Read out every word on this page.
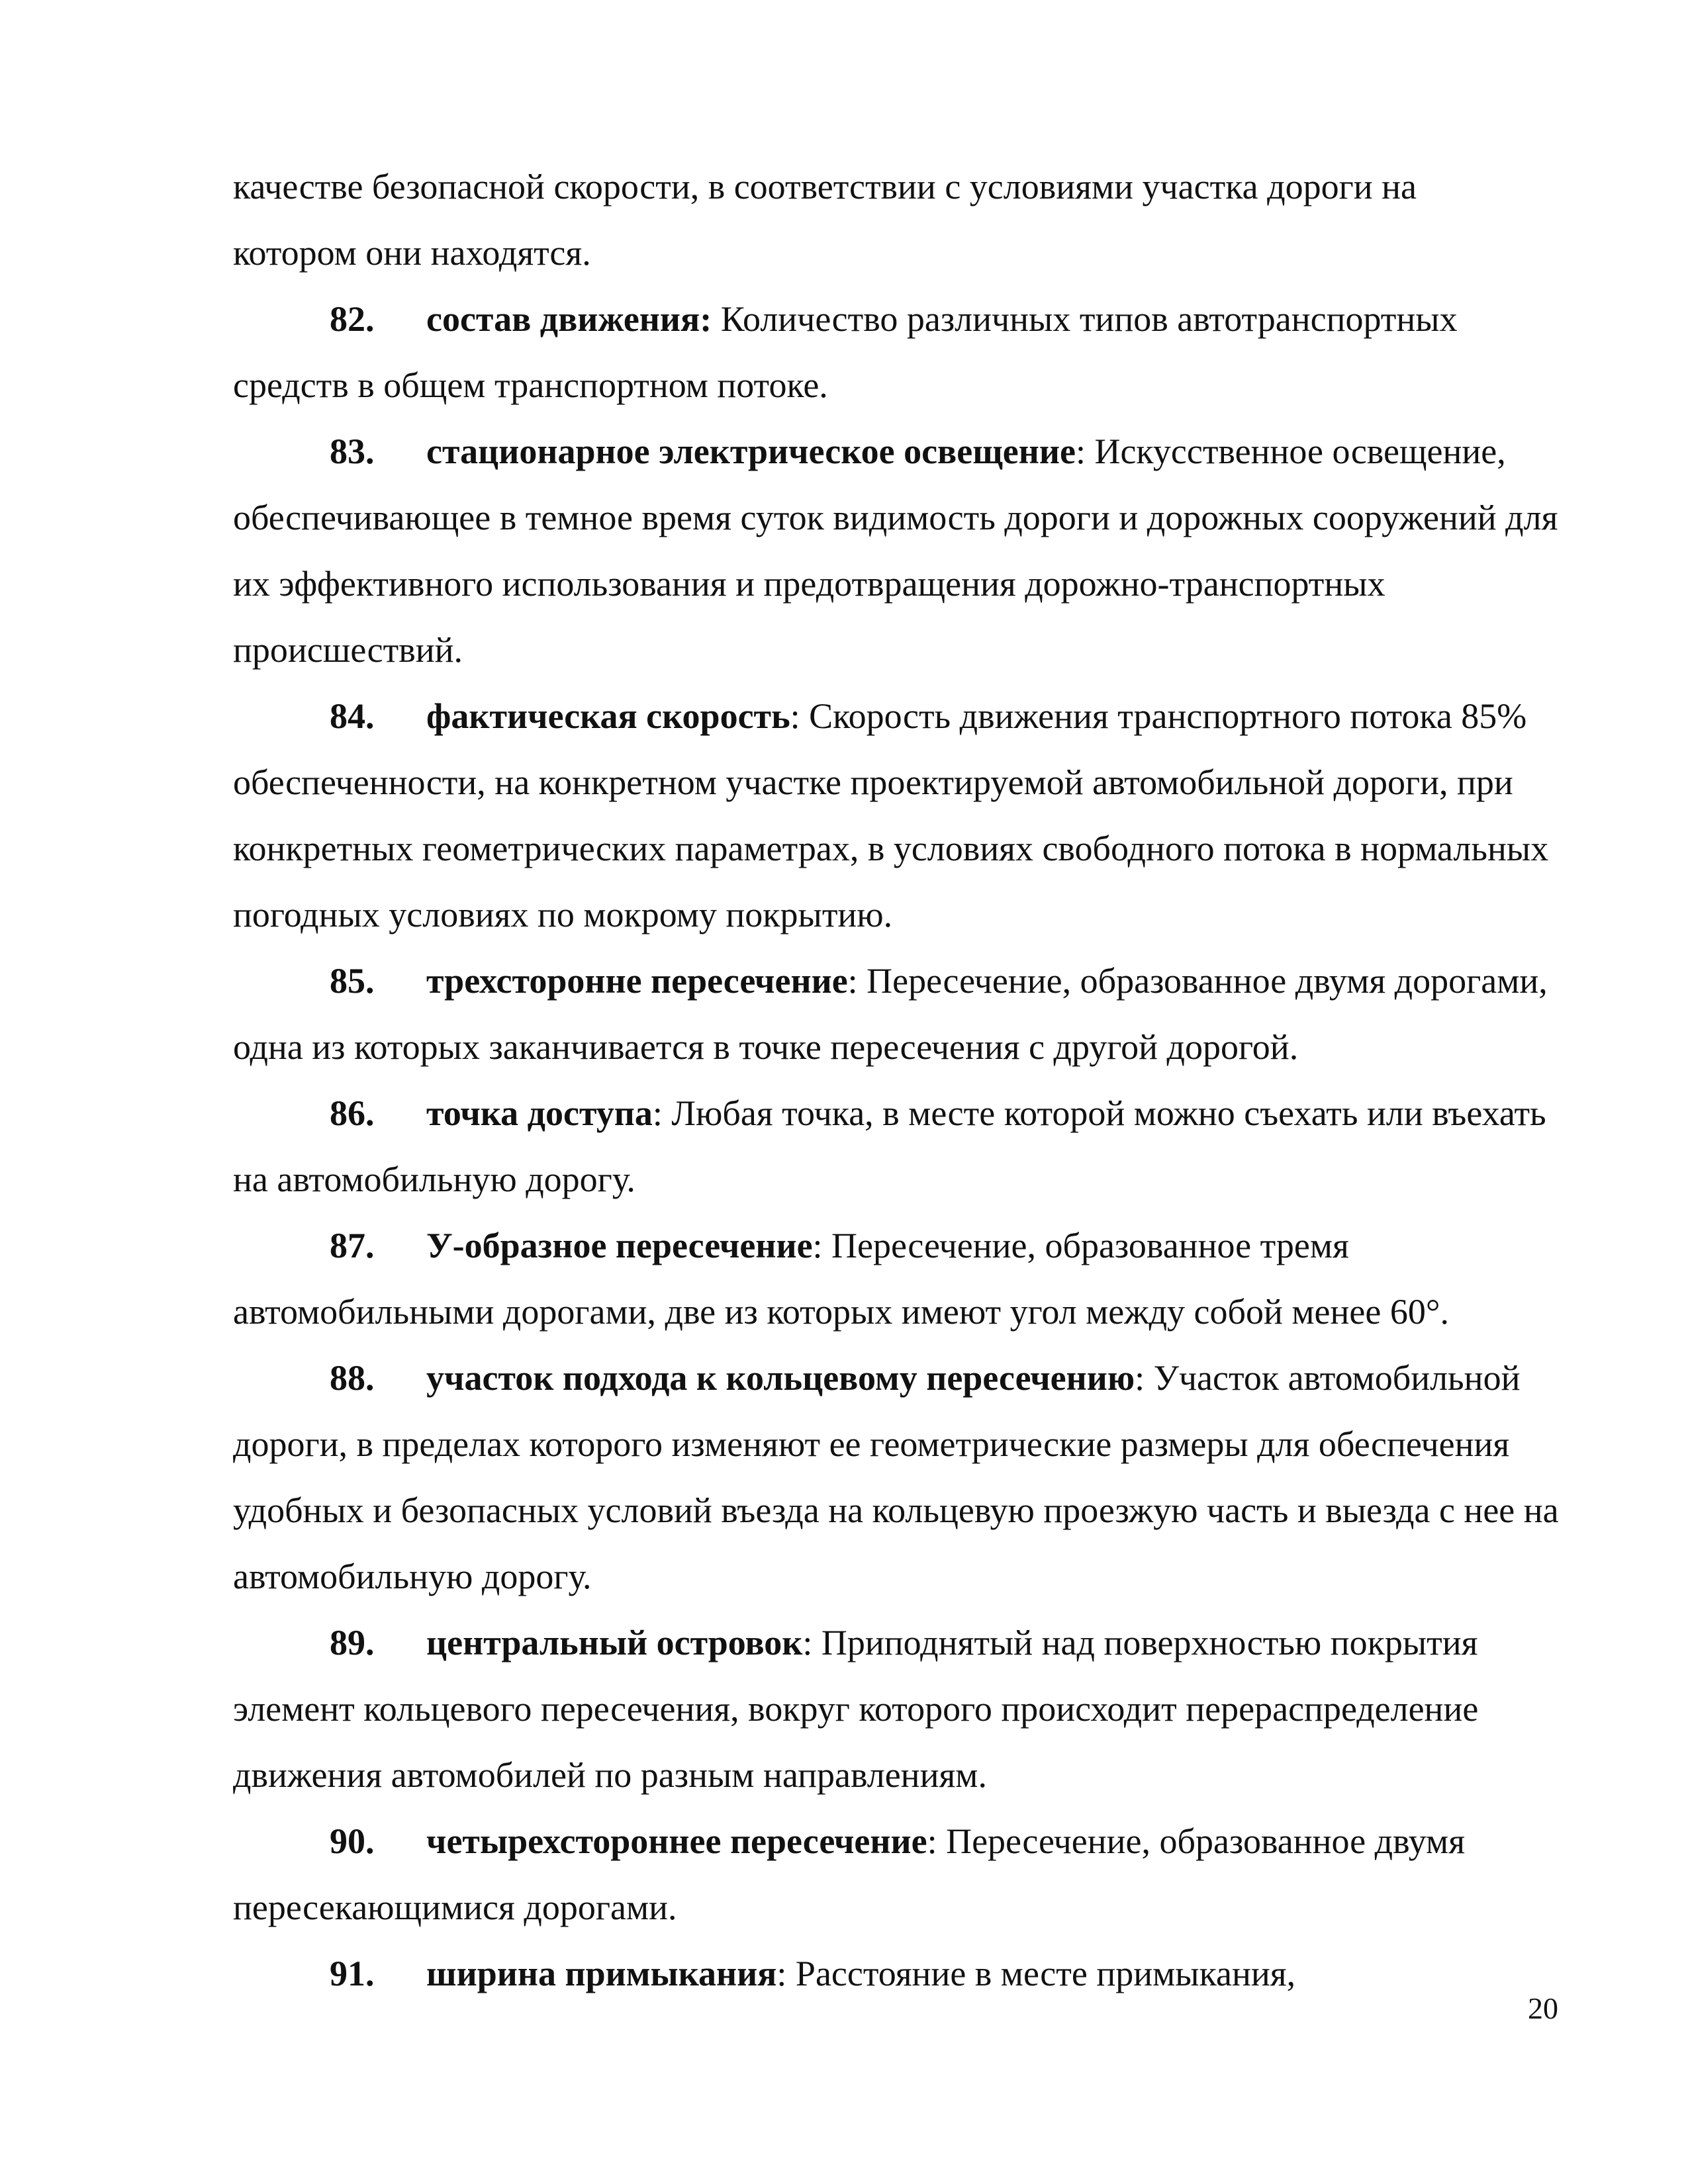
качестве безопасной скорости, в соответствии с условиями участка дороги на
котором они находятся.

82. состав движения: Количество различных типов автотранспортных средств в общем транспортном потоке.

83. стационарное электрическое освещение: Искусственное освещение, обеспечивающее в темное время суток видимость дороги и дорожных сооружений для их эффективного использования и предотвращения дорожно-транспортных происшествий.

84. фактическая скорость: Скорость движения транспортного потока 85% обеспеченности, на конкретном участке проектируемой автомобильной дороги, при конкретных геометрических параметрах, в условиях свободного потока в нормальных погодных условиях по мокрому покрытию.

85. трехсторонне пересечение: Пересечение, образованное двумя дорогами, одна из которых заканчивается в точке пересечения с другой дорогой.

86. точка доступа: Любая точка, в месте которой можно съехать или въехать на автомобильную дорогу.

87. У-образное пересечение: Пересечение, образованное тремя автомобильными дорогами, две из которых имеют угол между собой менее 60°.

88. участок подхода к кольцевому пересечению: Участок автомобильной дороги, в пределах которого изменяют ее геометрические размеры для обеспечения удобных и безопасных условий въезда на кольцевую проезжую часть и выезда с нее на автомобильную дорогу.

89. центральный островок: Приподнятый над поверхностью покрытия элемент кольцевого пересечения, вокруг которого происходит перераспределение движения автомобилей по разным направлениям.

90. четырехстороннее пересечение: Пересечение, образованное двумя пересекающимися дорогами.

91. ширина примыкания: Расстояние в месте примыкания,

20
